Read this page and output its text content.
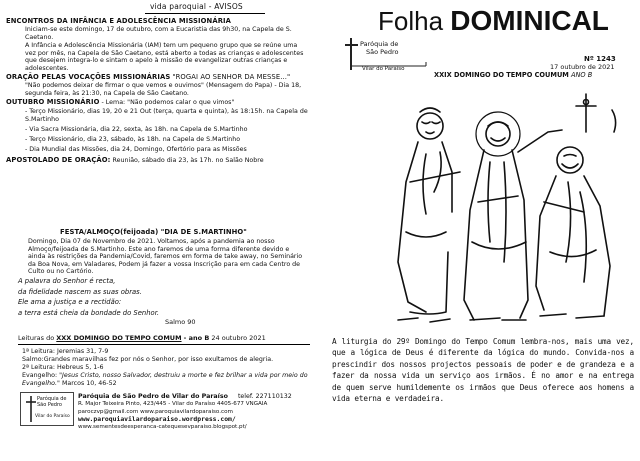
vida paroquial - AVISOS
ENCONTROS DA INFÂNCIA E ADOLESCÊNCIA MISSIONÁRIA
Iniciam-se este domingo, 17 de outubro, com a Eucaristia das 9h30, na Capela de S. Caetano.
A Infância e Adolescência Missionária (IAM) tem um pequeno grupo que se reúne uma vez por mês, na Capela de São Caetano, está aberto a todas as crianças e adolescentes que desejem integra-lo e sintam o apelo à missão de evangelizar outras crianças e adolescentes.
ORAÇÃO PELAS VOCAÇÕES MISSIONÁRIAS "ROGAI AO SENHOR DA MESSE..."
"Não podemos deixar de firmar o que vemos e ouvimos" (Mensagem do Papa) - Dia 18, segunda feira, às 21:30, na Capela de São Caetano.
OUTUBRO MISSIONÁRIO - Lema: "Não podemos calar o que vimos"
- Terço Missionário, dias 19, 20 e 21 Out (terça, quarta e quinta), às 18:15h. na Capela de S.Martinho
- Via Sacra Missionária, dia 22, sexta, às 18h. na Capela de S.Martinho
- Terço Missionário, dia 23, sábado, às 18h. na Capela de S.Martinho
- Dia Mundial das Missões, dia 24, Domingo, Ofertório para as Missões
APOSTOLADO DE ORAÇÃO: Reunião, sábado dia 23, às 17h. no Salão Nobre
FESTA/ALMOÇO(feijoada) "DIA DE S.MARTINHO"
Domingo, Dia 07 de Novembro de 2021. Voltamos, após a pandemia ao nosso Almoço/feijoada de S.Martinho. Este ano faremos de uma forma diferente devido e ainda às restrições da Pandemia/Covid, faremos em forma de take away, no Seminário da Boa Nova, em Valadares, Podem já fazer a vossa Inscrição para em cada Centro de Culto ou no Cartório.
A palavra do Senhor é recta,
da fidelidade nascem as suas obras.
Ele ama a justiça e a rectidão:
a terra está cheia da bondade do Senhor.
Salmo 90
Leituras do XXX DOMINGO DO TEMPO COMUM - ano B 24 outubro 2021
1ª Leitura: Jeremias 31, 7-9
Salmo:Grandes maravilhas fez por nós o Senhor, por isso exultamos de alegria.
2ª Leitura: Hebreus 5, 1-6
Evangelho: "Jesus Cristo, nosso Salvador, destruiu a morte e fez brilhar a vida por meio do Evangelho." Marcos 10, 46-52
Paróquia de
São Pedro
Vilar do Paraíso
Paróquia de São Pedro de Vilar do Paraíso telef. 227110132
R. Major Teixeira Pinto, 423/445 - Vilar do Paraíso 4405-677 VNGAIA
paroczvp@gmail.com www.paroquiavilardoparaiso.com
www.paroquiavilardoparaiso.wordpress.com/
www.sementesdeesperanca-catequesevparaiso.blogspot.pt/
Folha DOMINICAL
Paróquia de
São Pedro
Vilar do Paraíso
Nº 1243
17 outubro de 2021
XXIX DOMINGO DO TEMPO COUMUM ANO B
A liturgia do 29º Domingo do Tempo Comum lembra-nos, mais uma vez, que a lógica de Deus é diferente da lógica do mundo. Convida-nos a prescindir dos nossos projectos pessoais de poder e de grandeza e a fazer da nossa vida um serviço aos irmãos. É no amor e na entrega de quem serve humildemente os irmãos que Deus oferece aos homens a vida eterna e verdadeira.
